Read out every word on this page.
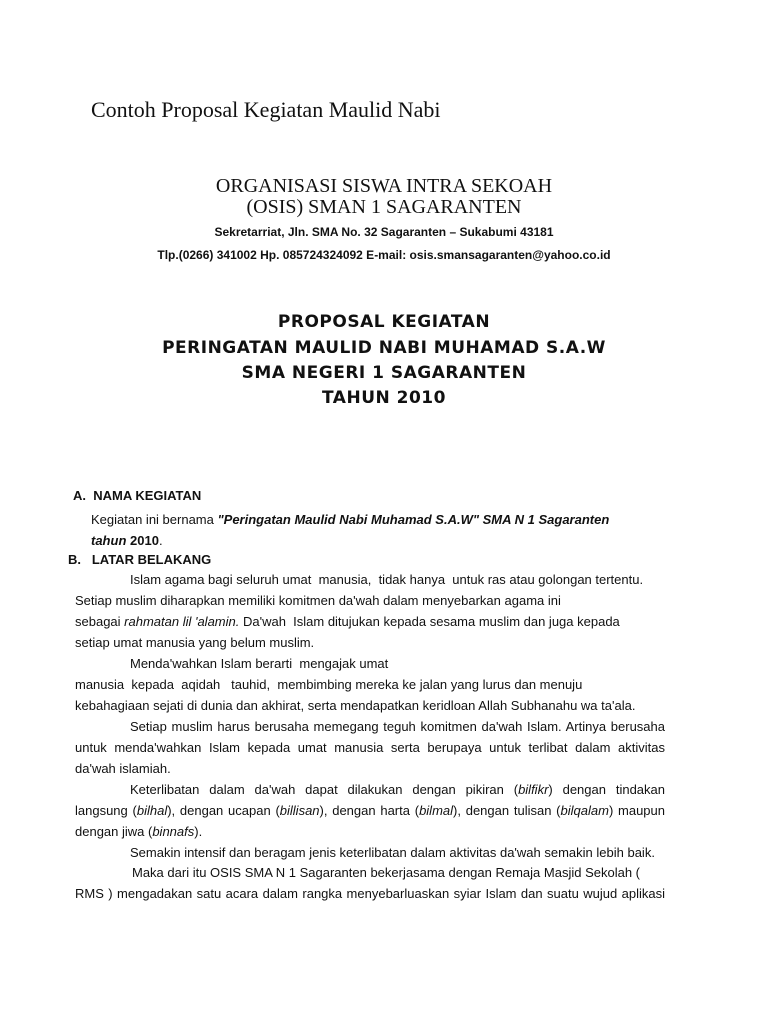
Contoh Proposal Kegiatan Maulid Nabi
ORGANISASI SISWA INTRA SEKOAH
(OSIS) SMAN 1 SAGARANTEN
Sekretarriat, Jln. SMA No. 32 Sagaranten – Sukabumi 43181
Tlp.(0266) 341002 Hp. 085724324092 E-mail: osis.smansagaranten@yahoo.co.id
PROPOSAL KEGIATAN
PERINGATAN MAULID NABI MUHAMAD S.A.W
SMA NEGERI 1 SAGARANTEN
TAHUN 2010
A.  NAMA KEGIATAN
Kegiatan ini bernama "Peringatan Maulid Nabi Muhamad S.A.W" SMA N 1 Sagaranten
tahun 2010.
B.   LATAR BELAKANG
Islam agama bagi seluruh umat  manusia,  tidak hanya  untuk ras atau golongan tertentu.
Setiap muslim diharapkan memiliki komitmen da'wah dalam menyebarkan agama ini
sebagai rahmatan lil 'alamin. Da'wah  Islam ditujukan kepada sesama muslim dan juga kepada
setiap umat manusia yang belum muslim.
Menda'wahkan Islam berarti  mengajak umat
manusia  kepada  aqidah   tauhid,  membimbing mereka ke jalan yang lurus dan menuju
kebahagiaan sejati di dunia dan akhirat, serta mendapatkan keridloan Allah Subhanahu wa ta'ala.
Setiap muslim harus berusaha memegang teguh komitmen da'wah Islam. Artinya berusaha
untuk menda'wahkan Islam kepada umat manusia serta berupaya untuk terlibat dalam aktivitas
da'wah islamiah.
Keterlibatan dalam da'wah dapat dilakukan dengan pikiran (bilfikr) dengan tindakan
langsung (bilhal), dengan ucapan (billisan), dengan harta (bilmal), dengan tulisan (bilqalam) maupun
dengan jiwa (binnafs).
Semakin intensif dan beragam jenis keterlibatan dalam aktivitas da'wah semakin lebih baik.
Maka dari itu OSIS SMA N 1 Sagaranten bekerjasama dengan Remaja Masjid Sekolah (
RMS ) mengadakan satu acara dalam rangka menyebarluaskan syiar Islam dan suatu wujud aplikasi
